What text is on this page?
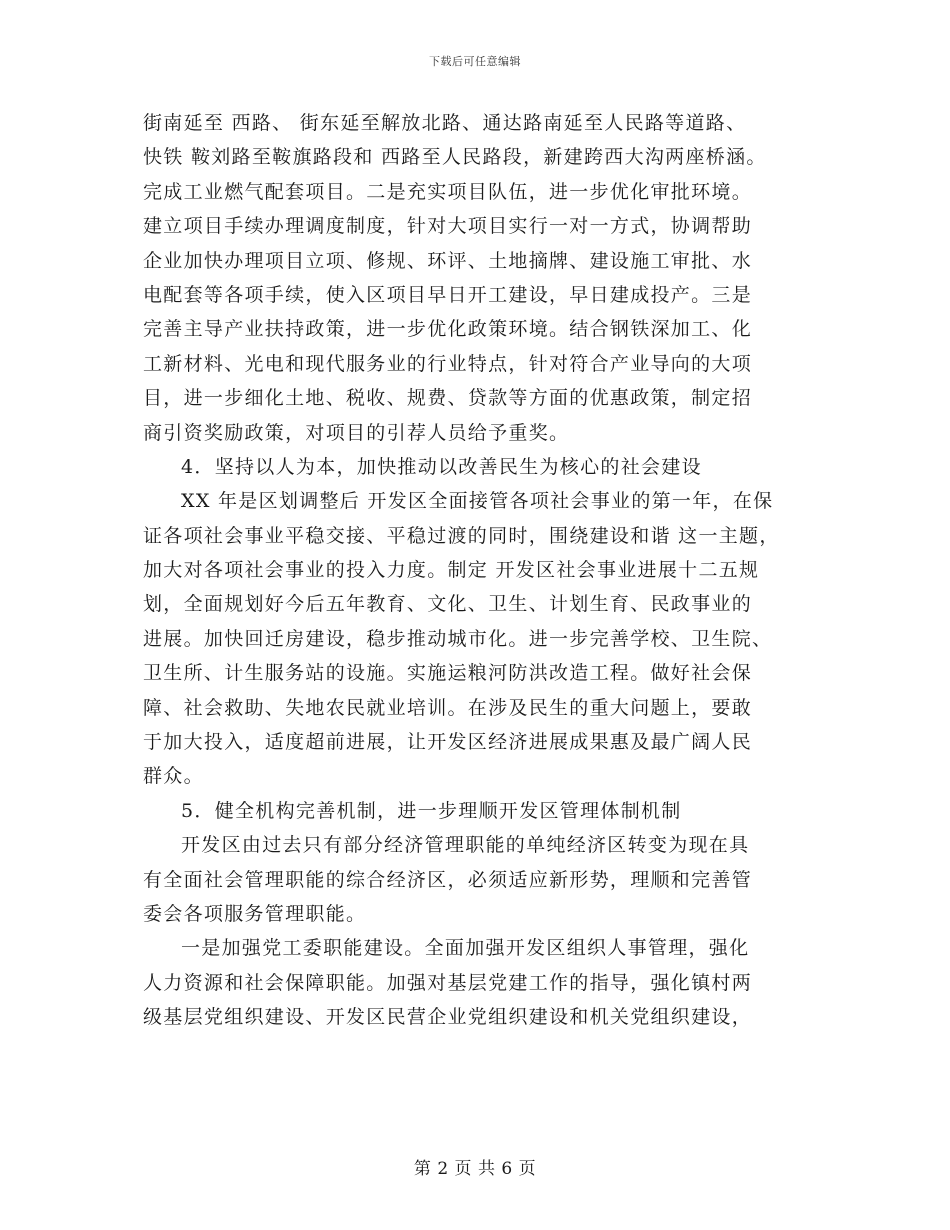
下载后可任意编辑
街南延至 西路、 街东延至解放北路、通达路南延至人民路等道路、
快铁 鞍刘路至鞍旗路段和 西路至人民路段，新建跨西大沟两座桥涵。
完成工业燃气配套项目。二是充实项目队伍，进一步优化审批环境。
建立项目手续办理调度制度，针对大项目实行一对一方式，协调帮助
企业加快办理项目立项、修规、环评、土地摘牌、建设施工审批、水
电配套等各项手续，使入区项目早日开工建设，早日建成投产。三是
完善主导产业扶持政策，进一步优化政策环境。结合钢铁深加工、化
工新材料、光电和现代服务业的行业特点，针对符合产业导向的大项
目，进一步细化土地、税收、规费、贷款等方面的优惠政策，制定招
商引资奖励政策，对项目的引荐人员给予重奖。
4．坚持以人为本，加快推动以改善民生为核心的社会建设
XX 年是区划调整后 开发区全面接管各项社会事业的第一年，在保
证各项社会事业平稳交接、平稳过渡的同时，围绕建设和谐 这一主题，
加大对各项社会事业的投入力度。制定 开发区社会事业进展十二五规
划，全面规划好今后五年教育、文化、卫生、计划生育、民政事业的
进展。加快回迁房建设，稳步推动城市化。进一步完善学校、卫生院、
卫生所、计生服务站的设施。实施运粮河防洪改造工程。做好社会保
障、社会救助、失地农民就业培训。在涉及民生的重大问题上，要敢
于加大投入，适度超前进展，让开发区经济进展成果惠及最广阔人民
群众。
5．健全机构完善机制，进一步理顺开发区管理体制机制
开发区由过去只有部分经济管理职能的单纯经济区转变为现在具
有全面社会管理职能的综合经济区，必须适应新形势，理顺和完善管
委会各项服务管理职能。
一是加强党工委职能建设。全面加强开发区组织人事管理，强化
人力资源和社会保障职能。加强对基层党建工作的指导，强化镇村两
级基层党组织建设、开发区民营企业党组织建设和机关党组织建设，
第 2 页 共 6 页
